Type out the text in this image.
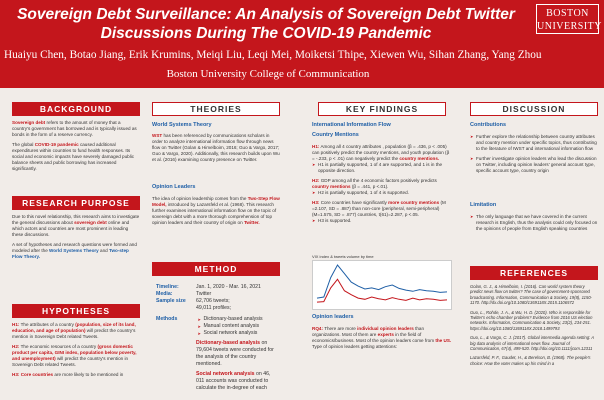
Sovereign Debt Surveillance: An Analysis of Sovereign Debt Twitter Discussions During The COVID-19 Pandemic
Huaiyu Chen, Botao Jiang, Erik Krumins, Meiqi Liu, Leqi Mei, Moiketsi Thipe, Xiewen Wu, Sihan Zhang, Yang Zhou
Boston University College of Communication
BOSTON
UNIVERSITY
BACKGROUND

Sovereign debt refers to the amount of money that a country's government has borrowed and is typically issued as bonds in the form of a reserve currency.

The global COVID-19 pandemic caused additional expenditures within countries to fund health responses. Its social and economic impacts have severely damaged public balance sheets and public borrowing has increased significantly.

RESEARCH PURPOSE

Due to this novel relationship, this research aims to investigate the general discussions about sovereign debt online and which actors and countries are most prominent in leading these discussions.

A set of hypotheses and research questions were formed and modeled after the World Systems Theory and Two-step Flow Theory.

HYPOTHESES

H1: The attributes of a country (population, size of its land, education, and age of population) will predict the country's mention in Sovereign Debt related Tweets.

H2: The economic resources of a country (gross domestic product per capita, GINI index, population below poverty, and unemployment) will predict the country's mention in Sovereign Debt related Tweets.

H3: Core countries are more likely to be mentioned in

THEORIES
World Systems Theory

WST has been referenced by communications scholars in order to analyze international information flow through news flow on Twitter (Golan & Himelboim, 2016; Guo & Vargo, 2017; Guo & Vargo, 2020). Additionally, this research builds upon Wu et al. (2016) examining country presence on Twitter.

Opinion Leaders

The idea of opinion leadership comes from the Two-Step Flow Model, introduced by Lazarsfeld et al. (1968). This research further examines international information flow on the topic of sovereign debt with a more thorough comprehension of top opinion leaders and their country of origin on Twitter.

METHOD
Timeline:	Jan. 1, 2020 - Mar. 16, 2021
Media:	Twitter
Sample size 62,706 tweets;
49,011 profiles;
Methods
➤	Dictionary-based analysis
➤ Manual content analysis
➤ Social network analysis
Dictionary-based analysis on 79,604 tweets were conducted for the analysis of the country mentioned.
Social network analysis on 46, 011 accounts was conducted to calculate the in-degree of each
KEY FINDINGS
International Information Flow
Country Mentions

H1: Among all 4 country attributes , population (β = .436, p < .005) can positively predict the country mentions, and youth population (β = -.233, p < .01) can negatively predict the country mentions.

➤ H1 is partially supported, 1 of 4 are supported, and 1 is in the opposite direction.

H2: GDP among all the 4 economic factors positively predicts country mentions (β = .441, p <.01).

➤ H2 is partially supported, 1 of 4 is supported.

H3: Core countries have significantly more country mentions (M =2.107, SD = .887) than non-core (peripheral, semi-peripheral) (M=1.575, SD = .877) countries, t(61)=2.287, p <.05.

➤ H3 is supported.

VIX index & tweets volume by time
Opinion leaders

RQ4: There are more individual opinion leaders than organizations. Most of them are experts in the field of economics/business. Most of the opinion leaders come from the US.
Type of opinion leaders getting attentions:

DISCUSSION
Contributions

➤ Further explore the relationship between country attributes and country mention under specific topics, thus contributing to the literature of IWST and international information flow

➤ Further investigate opinion leaders who lead the discussion on Twitter, including opinion leaders' general account type, specific account type, country origin

Limitation

➤ The only language that we have covered in the current research is English, thus the analysis could only focused on the opinions of people from English speaking countries

REFERENCES

Golan, G. J., & Himelboim, I. (2016). Can world system theory predict news flow on twitter? The case of government-sponsored broadcasting. Information, Communication & Society, 19(8), 1150-1170. http://dx.doi.org/10.1080/1369118X.2015.1106572

Guo, L., Rohde, J. A., & Wu, H. D. (2020). Who is responsible for Twitter's echo chamber problem? Evidence from 2016 US election networks. Information, Communication & Society, 23(2), 234-251. https://doi.org/10.1080/1369118X.2018.1499793

Guo, L., & Vargo, C. J. (2017). Global intermedia agenda setting: A big data analysis of international news flow. Journal of Communication, 67(4), 499-520. http://doi.org/10.1111/jcom.12311

Lazarsfeld, P. F., Gaudet, H., & Berelson, B. (1968). The people's choice: How the voter makes up his mind in a
